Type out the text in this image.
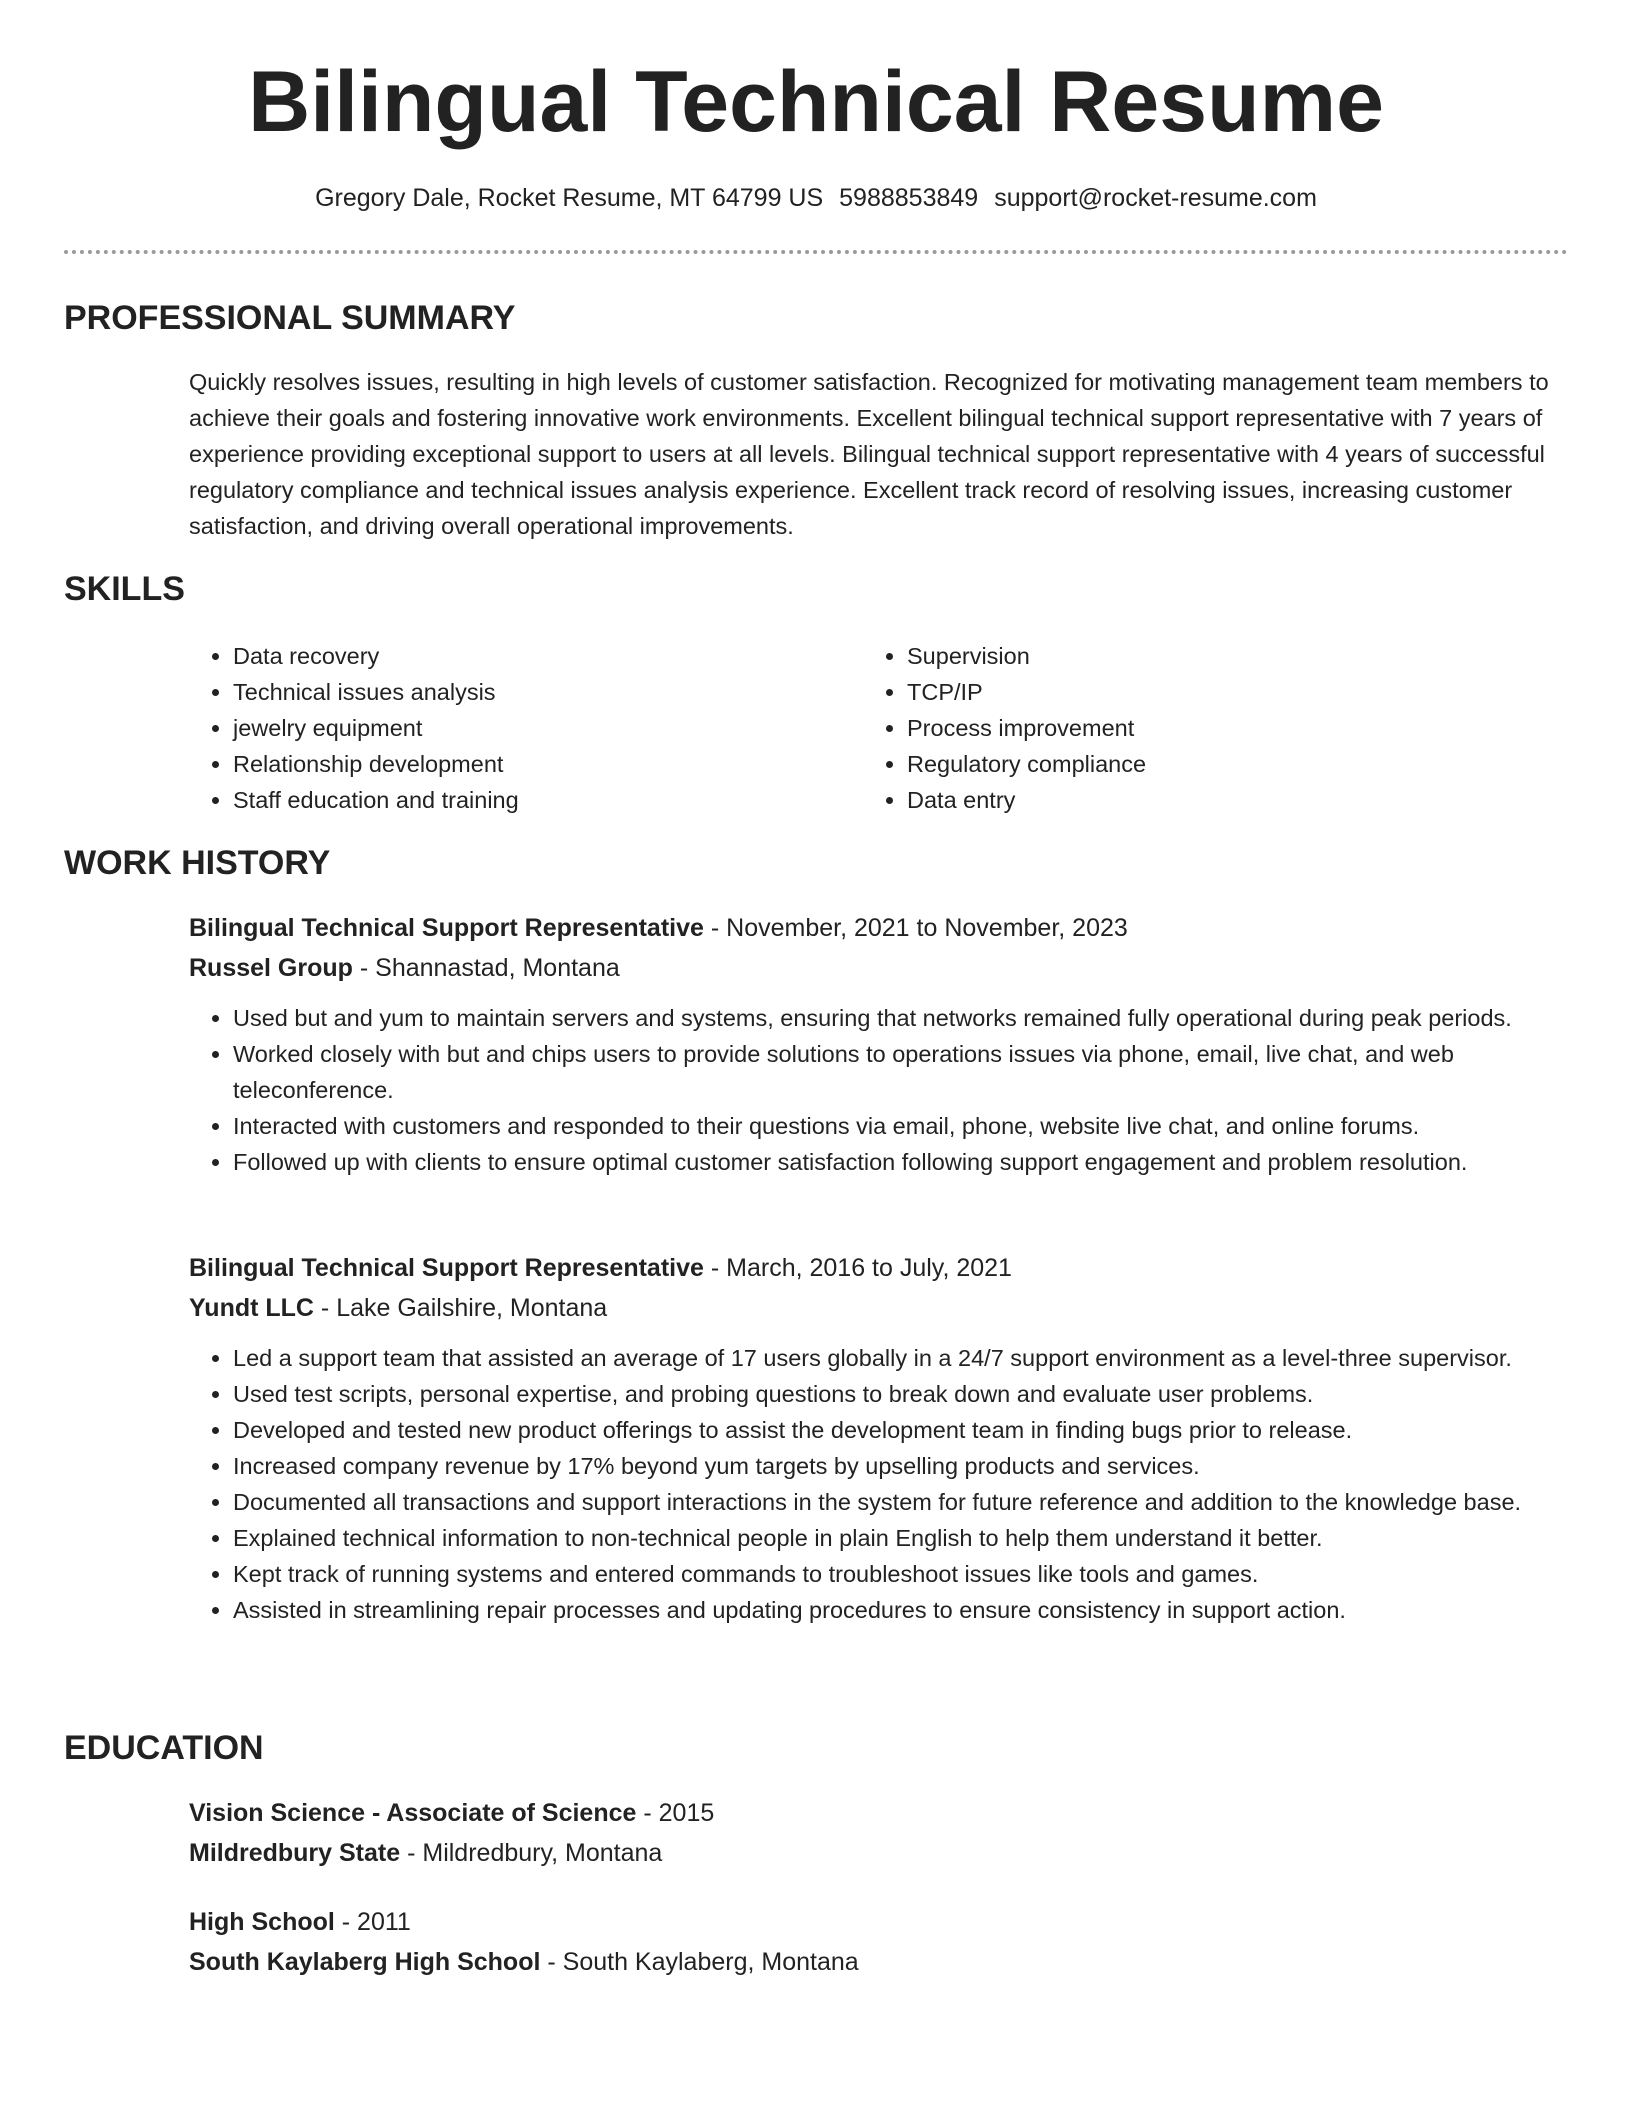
Bilingual Technical Resume
Gregory Dale, Rocket Resume, MT 64799 US 5988853849 support@rocket-resume.com
PROFESSIONAL SUMMARY

Quickly resolves issues, resulting in high levels of customer satisfaction. Recognized for motivating management team members to achieve their goals and fostering innovative work environments. Excellent bilingual technical support representative with 7 years of experience providing exceptional support to users at all levels. Bilingual technical support representative with 4 years of successful regulatory compliance and technical issues analysis experience. Excellent track record of resolving issues, increasing customer satisfaction, and driving overall operational improvements.

SKILLS
• Data recovery
• Technical issues analysis
• jewelry equipment
• Relationship development
• Staff education and training
• Supervision
• TCP/IP
• Process improvement
• Regulatory compliance
• Data entry
WORK HISTORY
Bilingual Technical Support Representative - November, 2021 to November, 2023
Russel Group - Shannastad, Montana
• Used but and yum to maintain servers and systems, ensuring that networks remained fully operational during peak periods.
• Worked closely with but and chips users to provide solutions to operations issues via phone, email, live chat, and web teleconference.
• Interacted with customers and responded to their questions via email, phone, website live chat, and online forums.
• Followed up with clients to ensure optimal customer satisfaction following support engagement and problem resolution.
Bilingual Technical Support Representative - March, 2016 to July, 2021
Yundt LLC - Lake Gailshire, Montana
• Led a support team that assisted an average of 17 users globally in a 24/7 support environment as a level-three supervisor.
• Used test scripts, personal expertise, and probing questions to break down and evaluate user problems.
• Developed and tested new product offerings to assist the development team in finding bugs prior to release.
• Increased company revenue by 17% beyond yum targets by upselling products and services.
• Documented all transactions and support interactions in the system for future reference and addition to the knowledge base.
• Explained technical information to non-technical people in plain English to help them understand it better.
• Kept track of running systems and entered commands to troubleshoot issues like tools and games.
• Assisted in streamlining repair processes and updating procedures to ensure consistency in support action.
EDUCATION
Vision Science - Associate of Science - 2015
Mildredbury State - Mildredbury, Montana
High School - 2011
South Kaylaberg High School - South Kaylaberg, Montana
